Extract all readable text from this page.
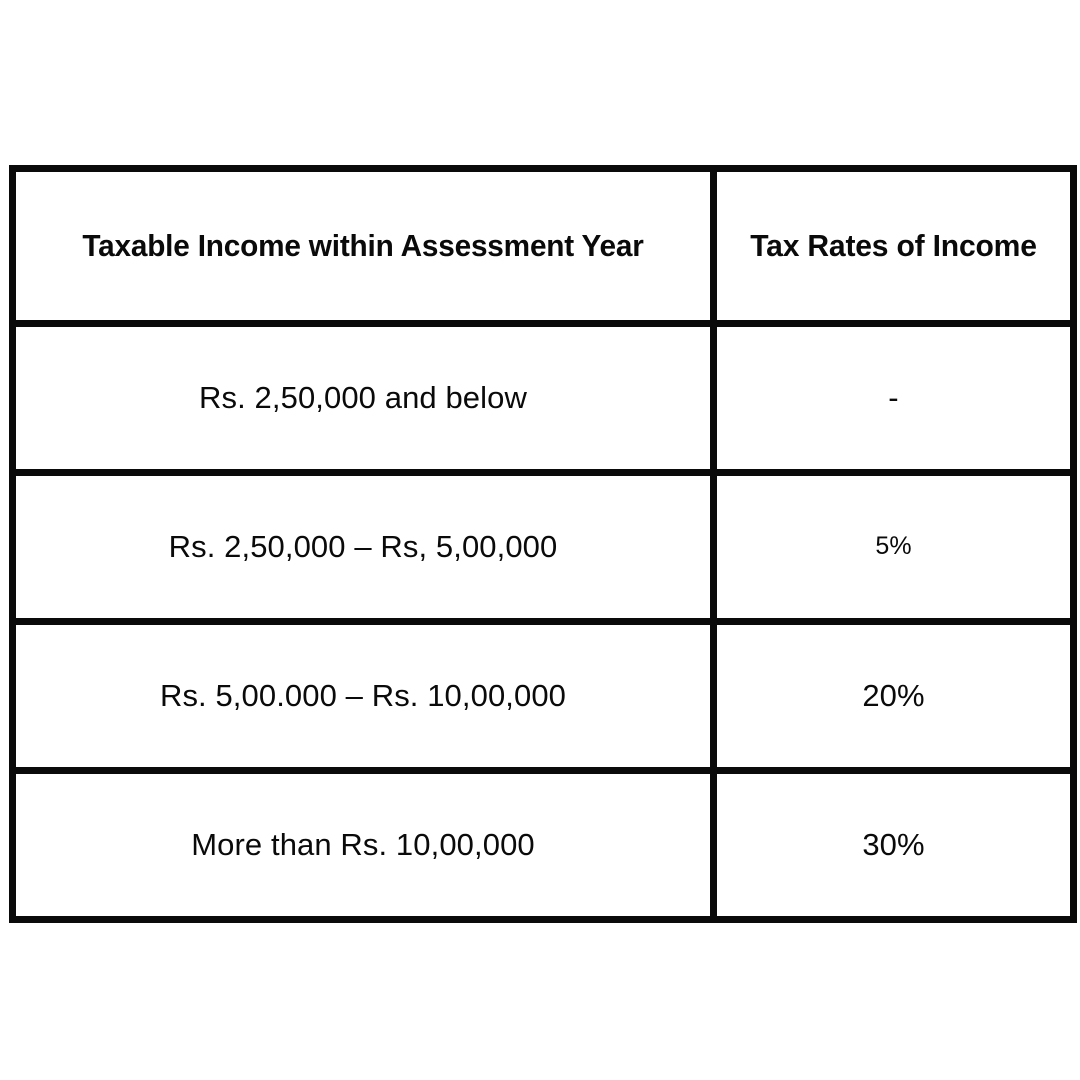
Taxable Income within Assessment Year	Tax Rates of Income

Rs. 2,50,000 and below	-

Rs. 2,50,000 – Rs, 5,00,000	5%

Rs. 5,00.000 – Rs. 10,00,000	20%

More than Rs. 10,00,000	30%
